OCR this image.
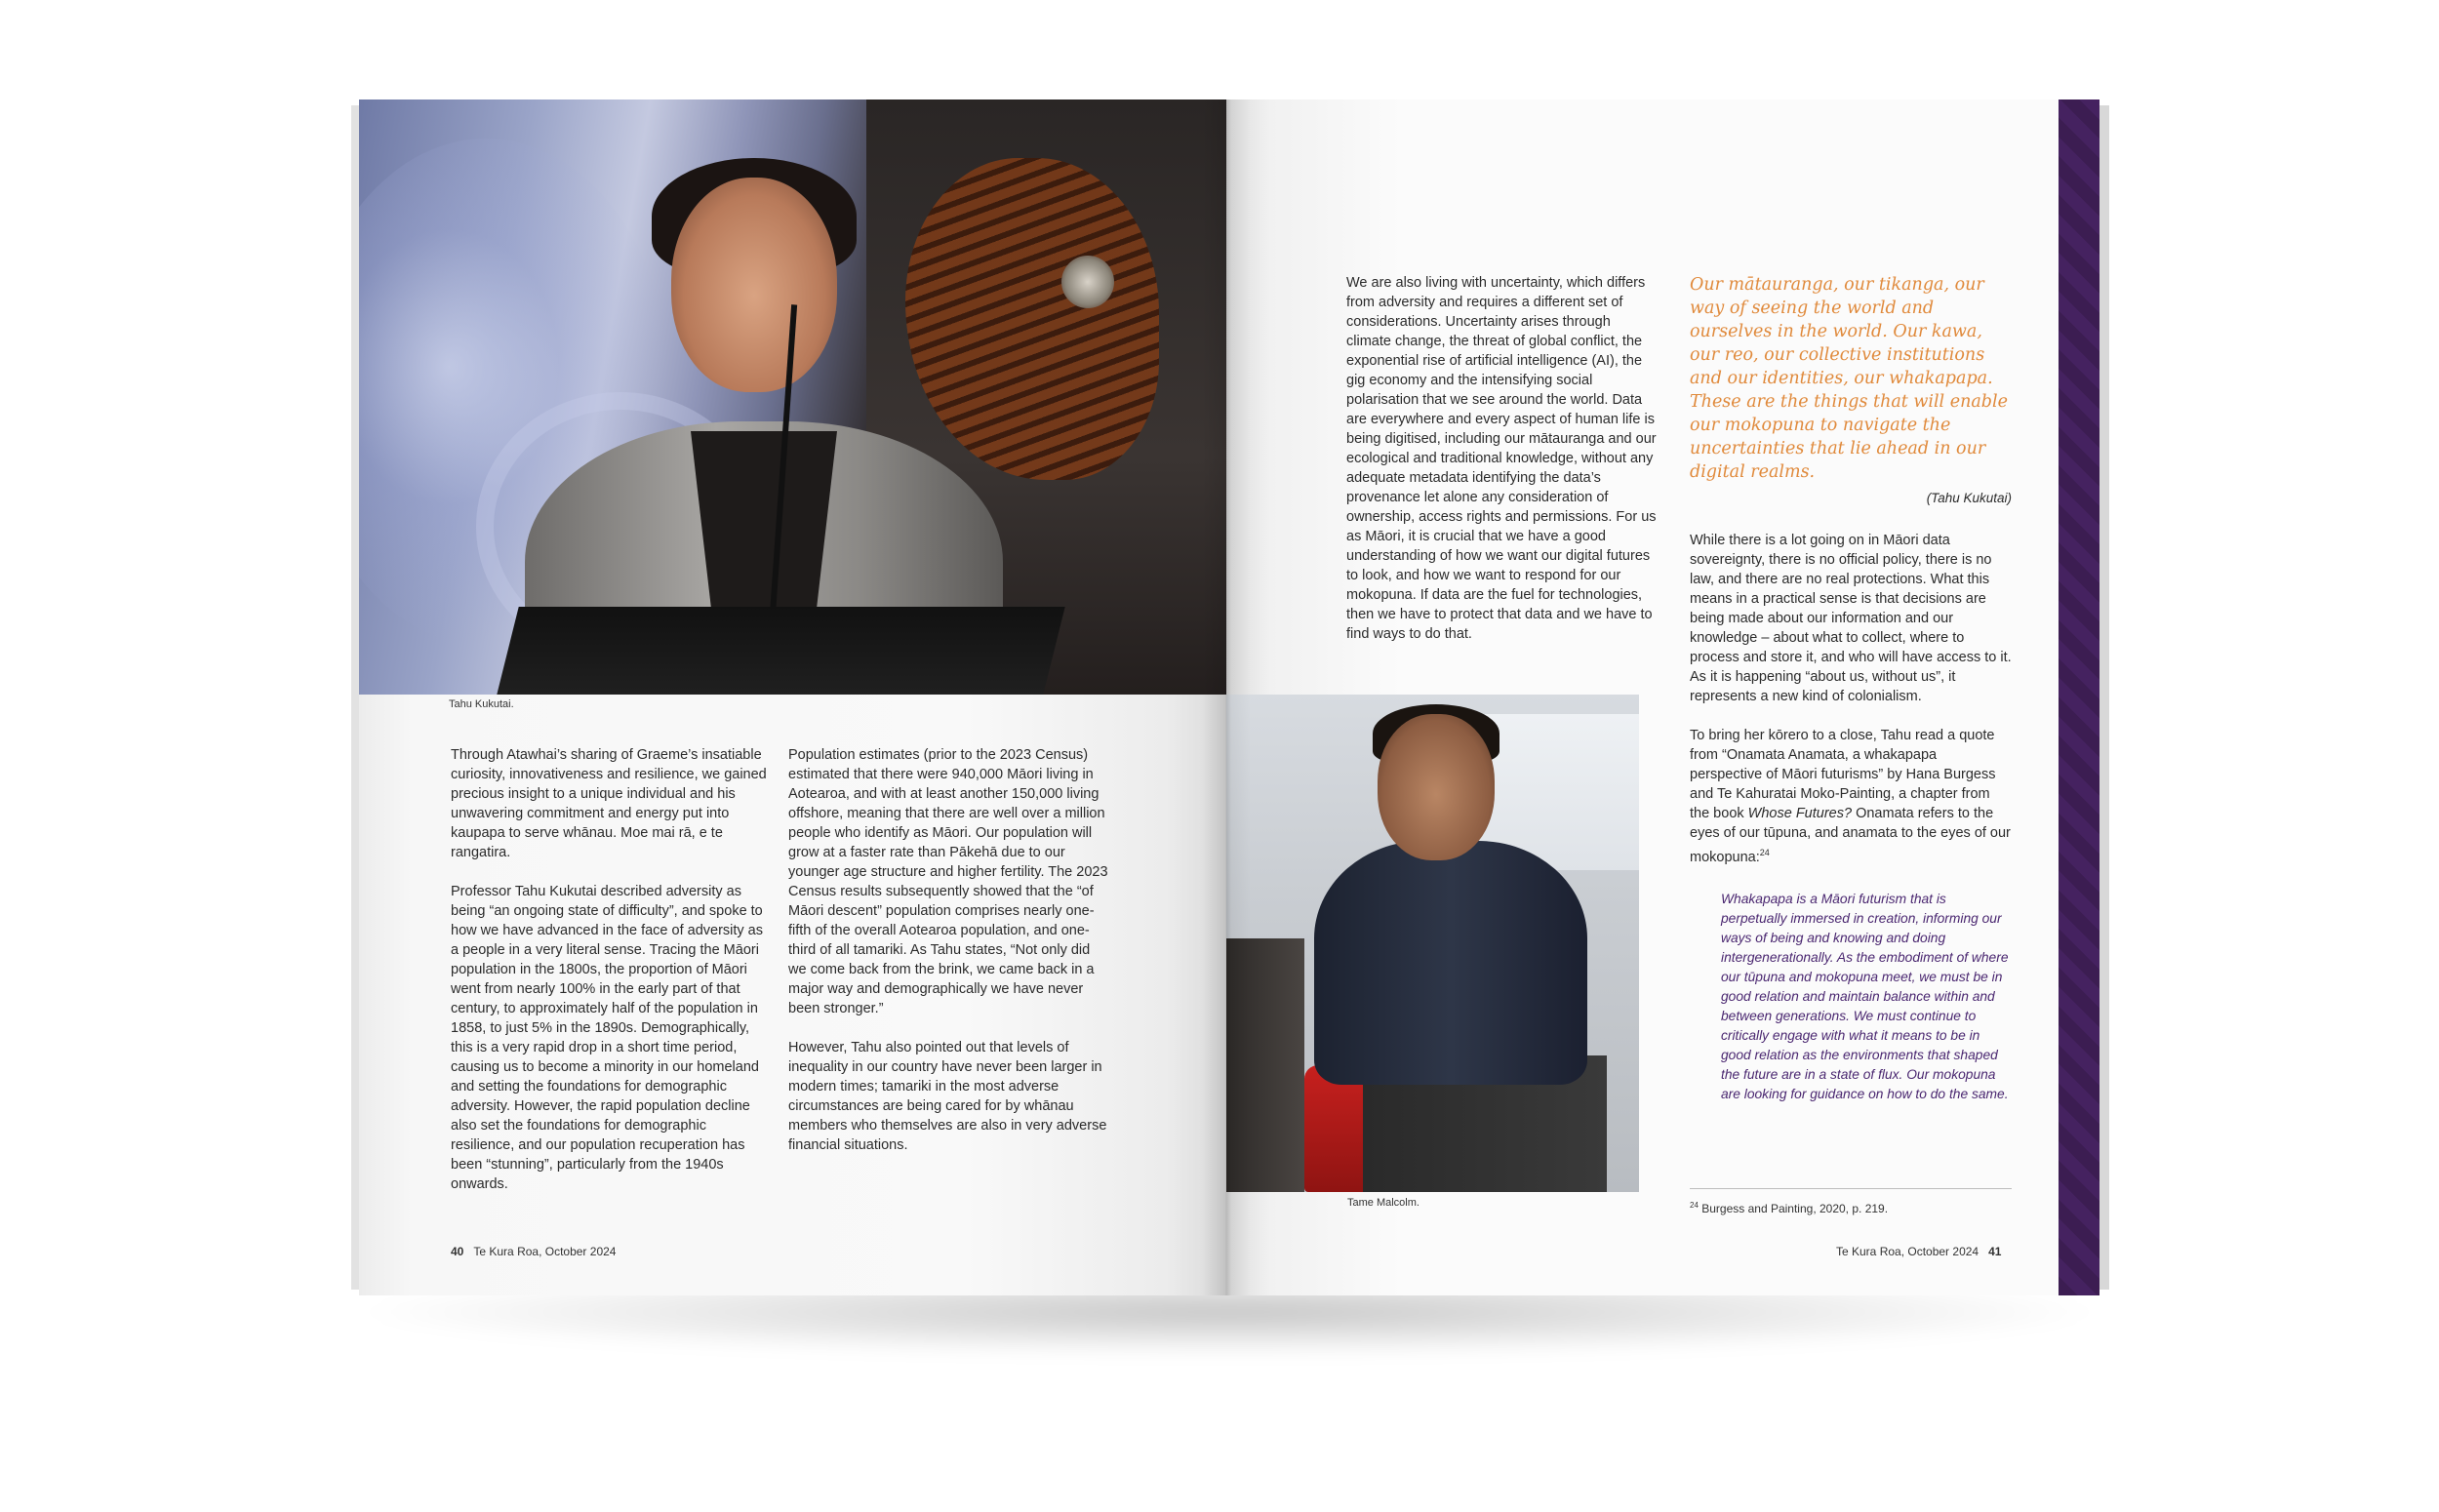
Tahu Kukutai.

Through Atawhai’s sharing of Graeme’s insatiable curiosity, innovativeness and resilience, we gained precious insight to a unique individual and his unwavering commitment and energy put into kaupapa to serve whānau. Moe mai rā, e te rangatira.

Professor Tahu Kukutai described adversity as being “an ongoing state of difficulty”, and spoke to how we have advanced in the face of adversity as a people in a very literal sense. Tracing the Māori population in the 1800s, the proportion of Māori went from nearly 100% in the early part of that century, to approximately half of the population in 1858, to just 5% in the 1890s. Demographically, this is a very rapid drop in a short time period, causing us to become a minority in our homeland and setting the foundations for demographic adversity. However, the rapid population decline also set the foundations for demographic resilience, and our population recuperation has been “stunning”, particularly from the 1940s onwards.

Population estimates (prior to the 2023 Census) estimated that there were 940,000 Māori living in Aotearoa, and with at least another 150,000 living offshore, meaning that there are well over a million people who identify as Māori. Our population will grow at a faster rate than Pākehā due to our younger age structure and higher fertility. The 2023 Census results subsequently showed that the “of Māori descent” population comprises nearly one-fifth of the overall Aotearoa population, and one-third of all tamariki. As Tahu states, “Not only did we come back from the brink, we came back in a major way and demographically we have never been stronger.”

However, Tahu also pointed out that levels of inequality in our country have never been larger in modern times; tamariki in the most adverse circumstances are being cared for by whānau members who themselves are also in very adverse financial situations.

40 Te Kura Roa, October 2024

We are also living with uncertainty, which differs from adversity and requires a different set of considerations. Uncertainty arises through climate change, the threat of global conflict, the exponential rise of artificial intelligence (AI), the gig economy and the intensifying social polarisation that we see around the world. Data are everywhere and every aspect of human life is being digitised, including our mātauranga and our ecological and traditional knowledge, without any adequate metadata identifying the data’s provenance let alone any consideration of ownership, access rights and permissions. For us as Māori, it is crucial that we have a good understanding of how we want our digital futures to look, and how we want to respond for our mokopuna. If data are the fuel for technologies, then we have to protect that data and we have to find ways to do that.

Tame Malcolm.
Our mātauranga, our tikanga, our way of seeing the world and ourselves in the world. Our kawa, our reo, our collective institutions and our identities, our whakapapa. These are the things that will enable our mokopuna to navigate the uncertainties that lie ahead in our digital realms.
(Tahu Kukutai)

While there is a lot going on in Māori data sovereignty, there is no official policy, there is no law, and there are no real protections. What this means in a practical sense is that decisions are being made about our information and our knowledge – about what to collect, where to process and store it, and who will have access to it. As it is happening “about us, without us”, it represents a new kind of colonialism.

To bring her kōrero to a close, Tahu read a quote from “Onamata Anamata, a whakapapa perspective of Māori futurisms” by Hana Burgess and Te Kahuratai Moko-Painting, a chapter from the book Whose Futures? Onamata refers to the eyes of our tūpuna, and anamata to the eyes of our mokopuna:$^{24}$

Whakapapa is a Māori futurism that is perpetually immersed in creation, informing our ways of being and knowing and doing intergenerationally. As the embodiment of where our tūpuna and mokopuna meet, we must be in good relation and maintain balance within and between generations. We must continue to critically engage with what it means to be in good relation as the environments that shaped the future are in a state of flux. Our mokopuna are looking for guidance on how to do the same.
$^{24}$ Burgess and Painting, 2020, p. 219.
Te Kura Roa, October 2024 41
